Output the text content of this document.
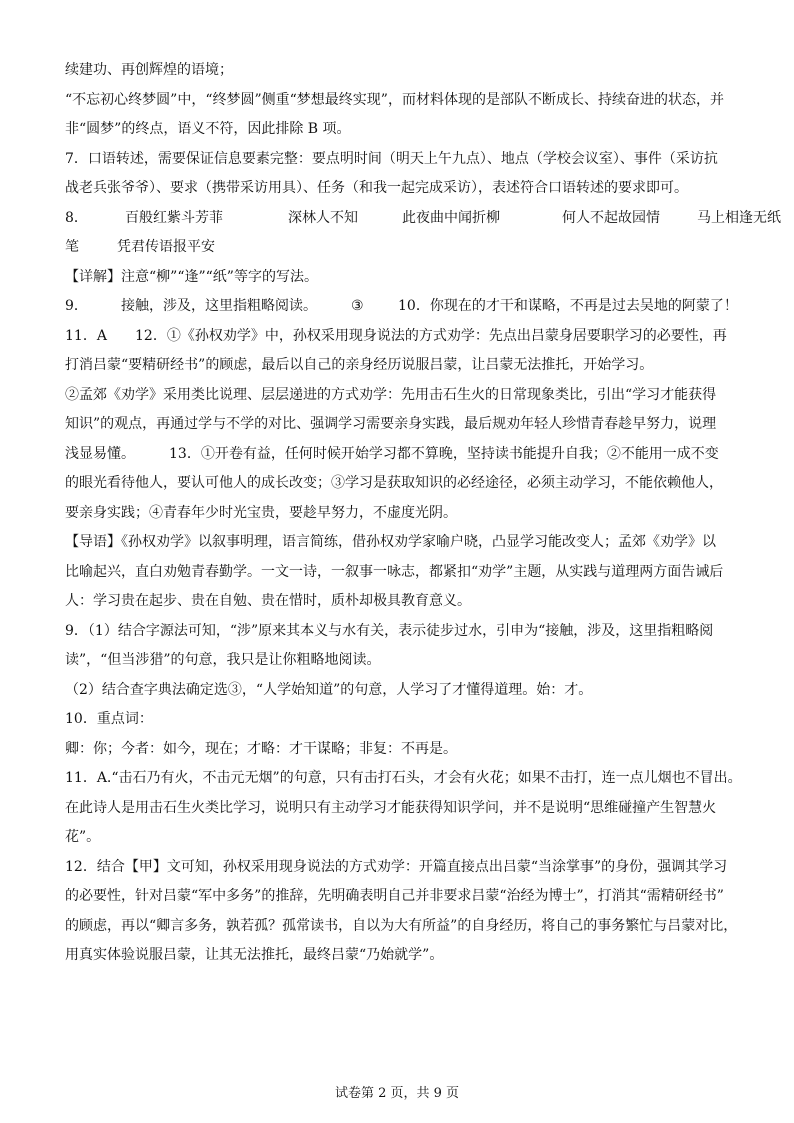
续建功、再创辉煌的语境；
“不忘初心终梦圆”中，“终梦圆”侧重“梦想最终实现”，而材料体现的是部队不断成长、持续奋进的状态，并
非“圆梦”的终点，语义不符，因此排除 B 项。
7．口语转述，需要保证信息要素完整：要点明时间（明天上午九点）、地点（学校会议室）、事件（采访抗
战老兵张爷爷）、要求（携带采访用具）、任务（和我一起完成采访），表述符合口语转述的要求即可。
8．	百般红紫斗芳菲	深林人不知	此夜曲中闻折柳	何人不起故园情	马上相逢无纸
笔	凭君传语报平安
【详解】注意“柳”“逢”“纸”等字的写法。
9． 接触，涉及，这里指粗略阅读。 ③ 10．你现在的才干和谋略，不再是过去吴地的阿蒙了！
11．A 12．①《孙权劝学》中，孙权采用现身说法的方式劝学：先点出吕蒙身居要职学习的必要性，再
打消吕蒙“要精研经书”的顾虑，最后以自己的亲身经历说服吕蒙，让吕蒙无法推托，开始学习。
②孟郊《劝学》采用类比说理、层层递进的方式劝学：先用击石生火的日常现象类比，引出“学习才能获得
知识”的观点，再通过学与不学的对比、强调学习需要亲身实践，最后规劝年轻人珍惜青春趁早努力，说理
浅显易懂。 13．①开卷有益，任何时候开始学习都不算晚，坚持读书能提升自我；②不能用一成不变
的眼光看待他人，要认可他人的成长改变；③学习是获取知识的必经途径，必须主动学习，不能依赖他人，
要亲身实践；④青春年少时光宝贵，要趁早努力，不虚度光阴。
【导语】《孙权劝学》以叙事明理，语言简练，借孙权劝学家喻户晓，凸显学习能改变人；孟郊《劝学》以
比喻起兴，直白劝勉青春勤学。一文一诗，一叙事一咏志，都紧扣“劝学”主题，从实践与道理两方面告诫后
人：学习贵在起步、贵在自勉、贵在惜时，质朴却极具教育意义。
9．（1）结合字源法可知，“涉”原来其本义与水有关，表示徒步过水，引申为“接触，涉及，这里指粗略阅
读”，“但当涉猎”的句意，我只是让你粗略地阅读。
（2）结合查字典法确定选③，“人学始知道”的句意，人学习了才懂得道理。始：才。
10．重点词：
卿：你；今者：如今，现在；才略：才干谋略；非复：不再是。
11．A.“击石乃有火，不击元无烟”的句意，只有击打石头，才会有火花；如果不击打，连一点儿烟也不冒出。
在此诗人是用击石生火类比学习，说明只有主动学习才能获得知识学问，并不是说明“思维碰撞产生智慧火
花”。
12．结合【甲】文可知，孙权采用现身说法的方式劝学：开篇直接点出吕蒙“当涂掌事”的身份，强调其学习
的必要性，针对吕蒙“军中多务”的推辞，先明确表明自己并非要求吕蒙“治经为博士”，打消其“需精研经书”
的顾虑，再以“卿言多务，孰若孤？孤常读书，自以为大有所益”的自身经历，将自己的事务繁忙与吕蒙对比，
用真实体验说服吕蒙，让其无法推托，最终吕蒙“乃始就学”。
试卷第 2 页，共 9 页
